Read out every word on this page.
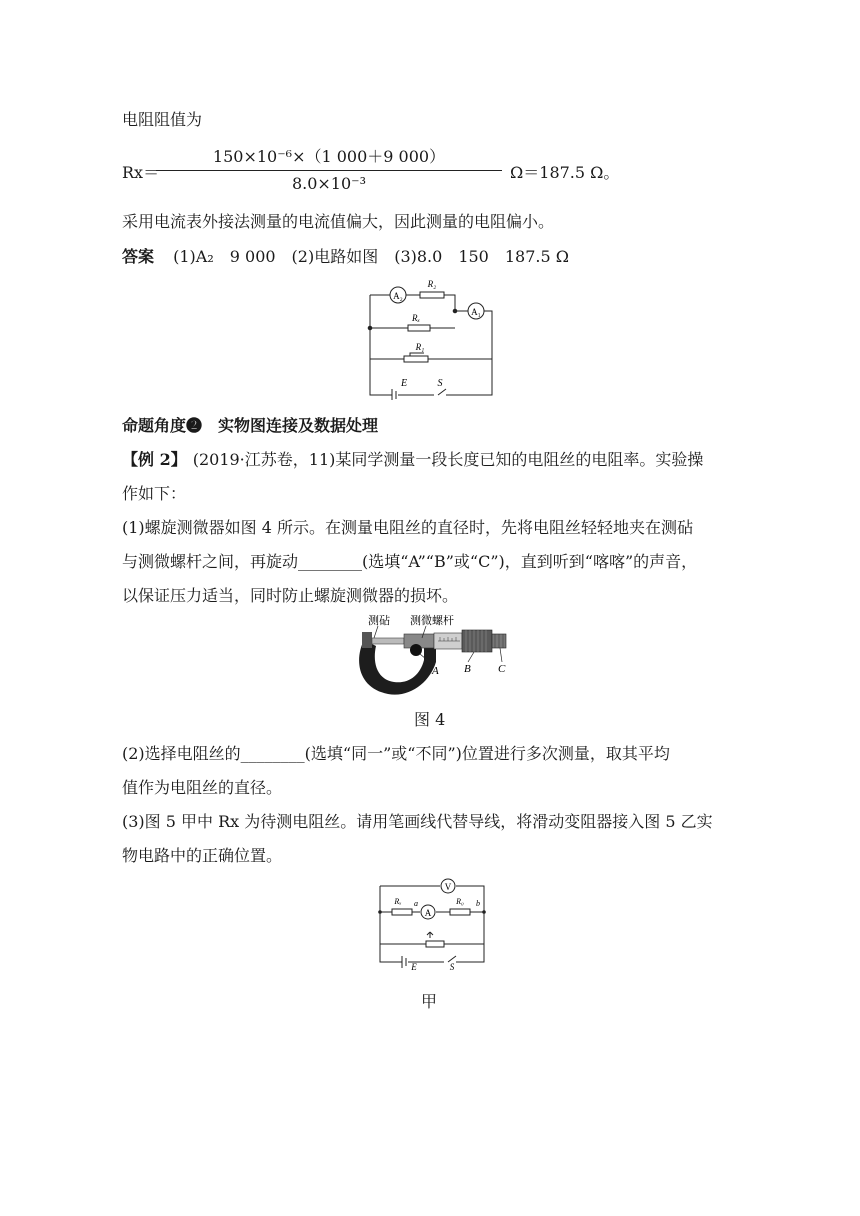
电阻阻值为
Rx＝
150×10⁻⁶×（1 000＋9 000）
8.0×10⁻³
Ω＝187.5 Ω。
采用电流表外接法测量的电流值偏大，因此测量的电阻偏小。
答案 (1)A₂　9 000　(2)电路如图　(3)8.0　150　187.5 Ω
A₂
R₂
A₁
Rₓ
R₁
E	S
命题角度❷　实物图连接及数据处理
【例 2】 (2019·江苏卷，11)某同学测量一段长度已知的电阻丝的电阻率。实验操
作如下：
(1)螺旋测微器如图 4 所示。在测量电阻丝的直径时，先将电阻丝轻轻地夹在测砧
与测微螺杆之间，再旋动________(选填“A”“B”或“C”)，直到听到“喀喀”的声音，
以保证压力适当，同时防止螺旋测微器的损坏。
测砧 测微螺杆
A B C
图 4
(2)选择电阻丝的________(选填“同一”或“不同”)位置进行多次测量，取其平均
值作为电阻丝的直径。
(3)图 5 甲中 Rx 为待测电阻丝。请用笔画线代替导线，将滑动变阻器接入图 5 乙实
物电路中的正确位置。
V
Rₓ a
A
R₀ b
E	S
甲
